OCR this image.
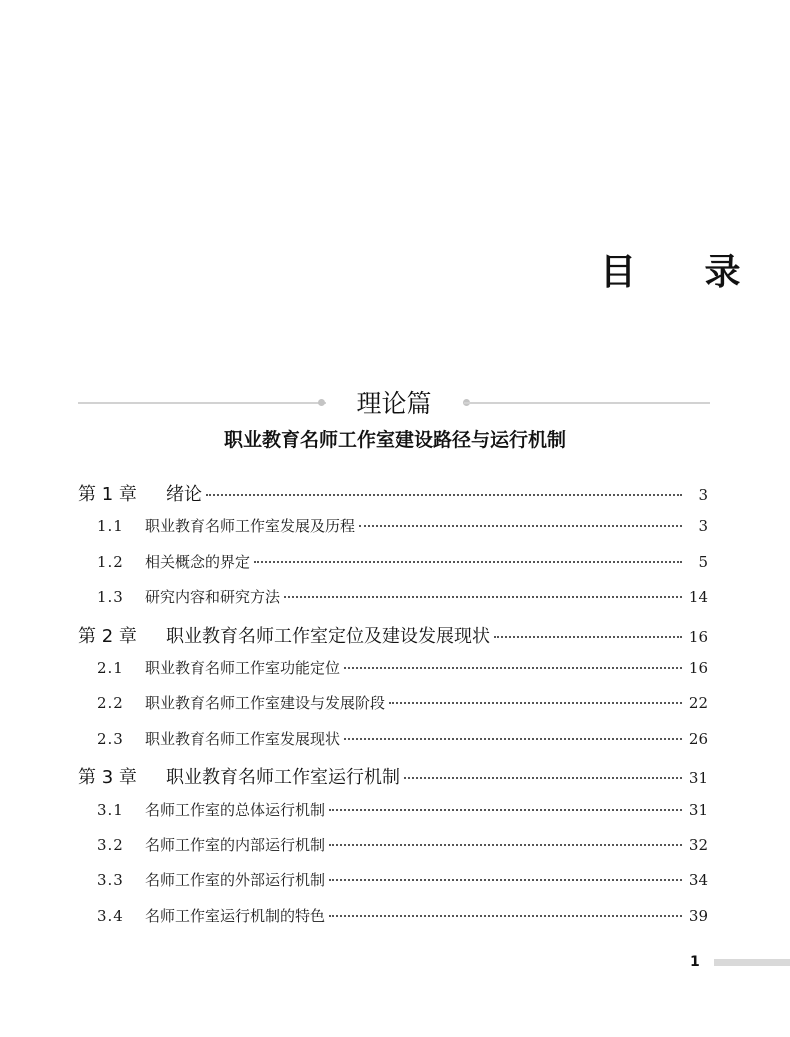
目 录
理论篇
职业教育名师工作室建设路径与运行机制
第 1 章 绪论	3
1.1 职业教育名师工作室发展及历程	3
1.2 相关概念的界定	5
1.3 研究内容和研究方法	14
第 2 章 职业教育名师工作室定位及建设发展现状	16
2.1 职业教育名师工作室功能定位	16
2.2 职业教育名师工作室建设与发展阶段	22
2.3 职业教育名师工作室发展现状	26
第 3 章 职业教育名师工作室运行机制	31
3.1 名师工作室的总体运行机制	31
3.2 名师工作室的内部运行机制	32
3.3 名师工作室的外部运行机制	34
3.4 名师工作室运行机制的特色	39
1
